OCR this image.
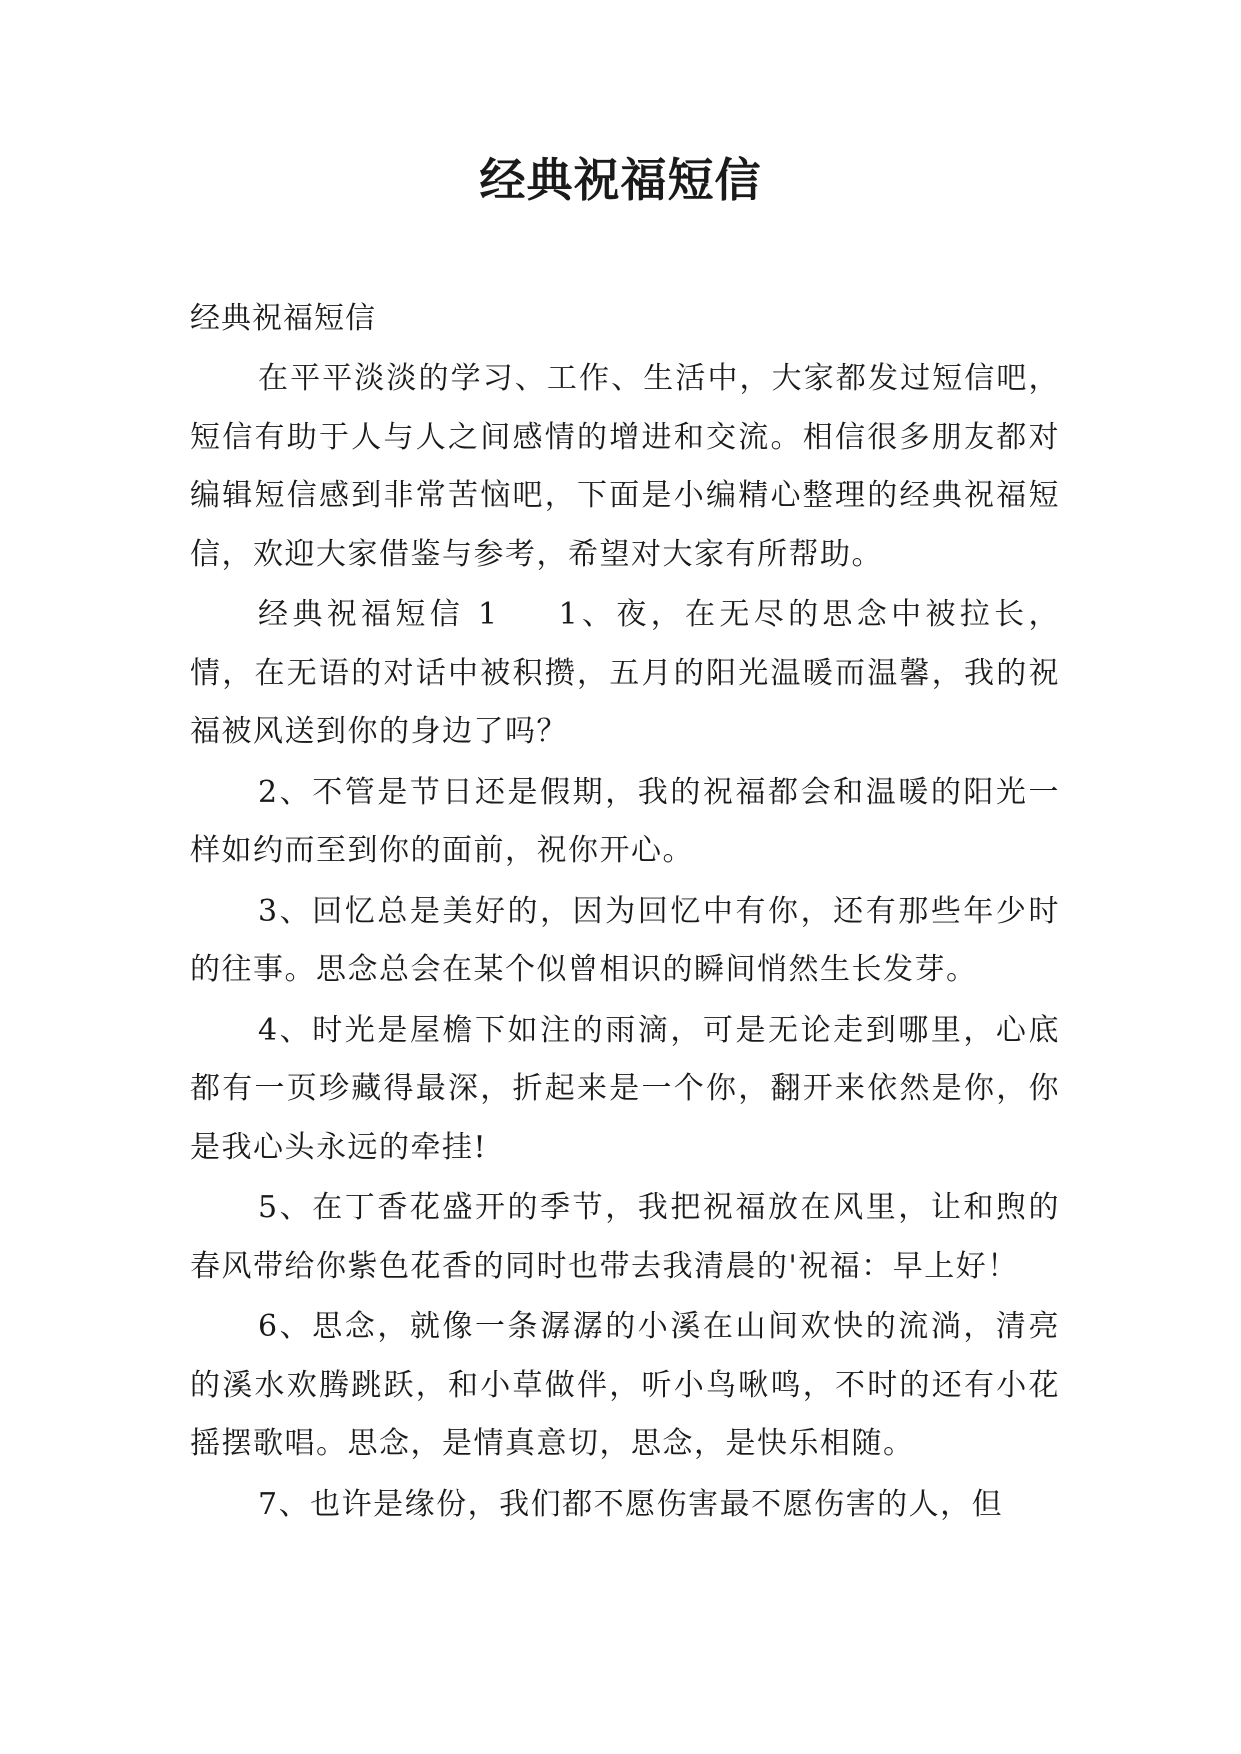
经典祝福短信

经典祝福短信

在平平淡淡的学习、工作、生活中，大家都发过短信吧，短信有助于人与人之间感情的增进和交流。相信很多朋友都对编辑短信感到非常苦恼吧，下面是小编精心整理的经典祝福短信，欢迎大家借鉴与参考，希望对大家有所帮助。

经典祝福短信 1 1、夜，在无尽的思念中被拉长，情，在无语的对话中被积攒，五月的阳光温暖而温馨，我的祝福被风送到你的身边了吗？

2、不管是节日还是假期，我的祝福都会和温暖的阳光一样如约而至到你的面前，祝你开心。

3、回忆总是美好的，因为回忆中有你，还有那些年少时的往事。思念总会在某个似曾相识的瞬间悄然生长发芽。

4、时光是屋檐下如注的雨滴，可是无论走到哪里，心底都有一页珍藏得最深，折起来是一个你，翻开来依然是你，你是我心头永远的牵挂!

5、在丁香花盛开的季节，我把祝福放在风里，让和煦的春风带给你紫色花香的同时也带去我清晨的'祝福：早上好！

6、思念，就像一条潺潺的小溪在山间欢快的流淌，清亮的溪水欢腾跳跃，和小草做伴，听小鸟啾鸣，不时的还有小花摇摆歌唱。思念，是情真意切，思念，是快乐相随。

7、也许是缘份，我们都不愿伤害最不愿伤害的人，但
